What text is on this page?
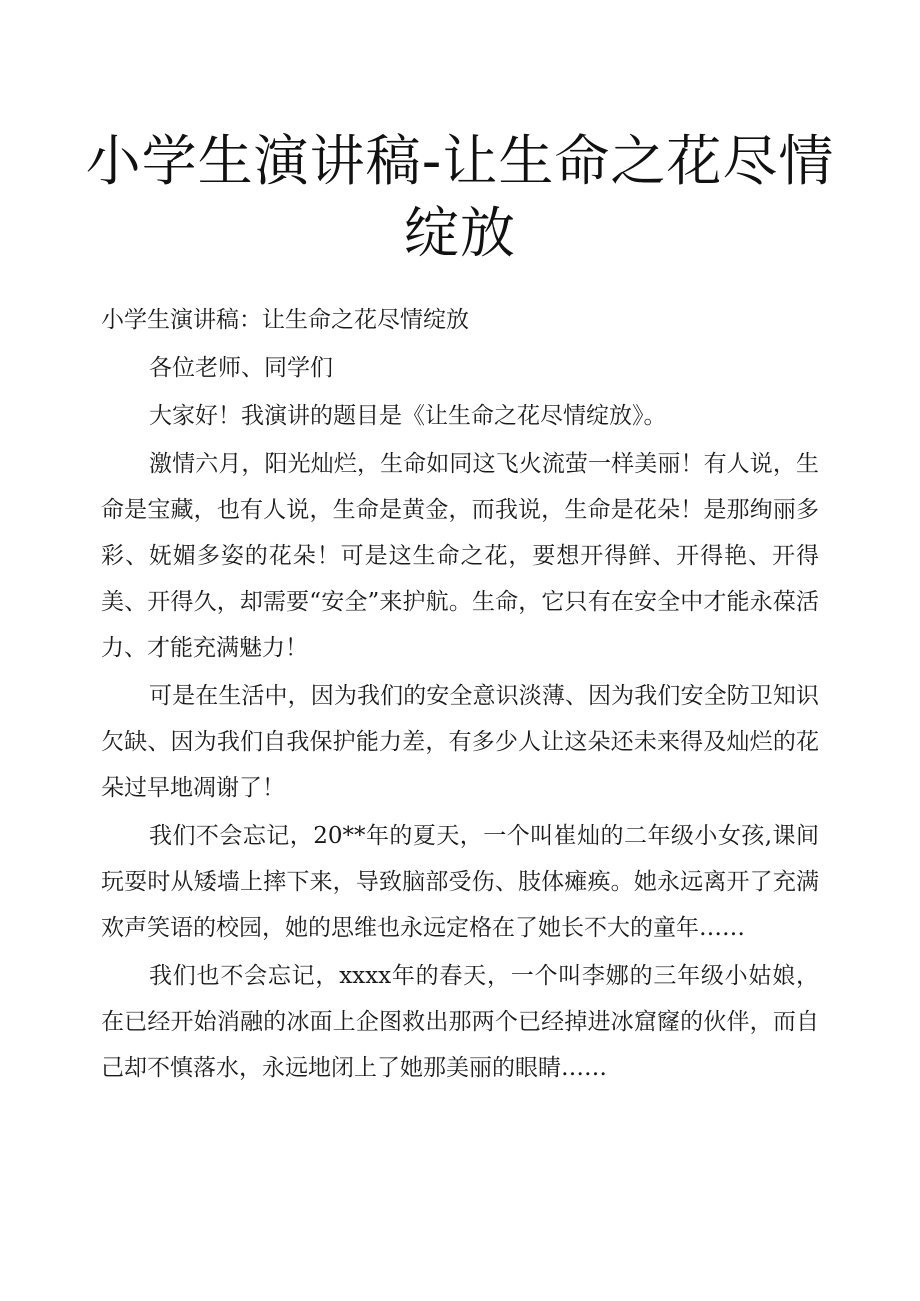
小学生演讲稿-让生命之花尽情绽放

小学生演讲稿：让生命之花尽情绽放

各位老师、同学们

大家好！我演讲的题目是《让生命之花尽情绽放》。

激情六月，阳光灿烂，生命如同这飞火流萤一样美丽！有人说，生命是宝藏，也有人说，生命是黄金，而我说，生命是花朵！是那绚丽多彩、妩媚多姿的花朵！可是这生命之花，要想开得鲜、开得艳、开得美、开得久，却需要“安全”来护航。生命，它只有在安全中才能永葆活力、才能充满魅力！

可是在生活中，因为我们的安全意识淡薄、因为我们安全防卫知识欠缺、因为我们自我保护能力差，有多少人让这朵还未来得及灿烂的花朵过早地凋谢了！

我们不会忘记，20**年的夏天，一个叫崔灿的二年级小女孩,课间玩耍时从矮墙上摔下来，导致脑部受伤、肢体瘫痪。她永远离开了充满欢声笑语的校园，她的思维也永远定格在了她长不大的童年……

我们也不会忘记，xxxx年的春天，一个叫李娜的三年级小姑娘，在已经开始消融的冰面上企图救出那两个已经掉进冰窟窿的伙伴，而自己却不慎落水，永远地闭上了她那美丽的眼睛……
